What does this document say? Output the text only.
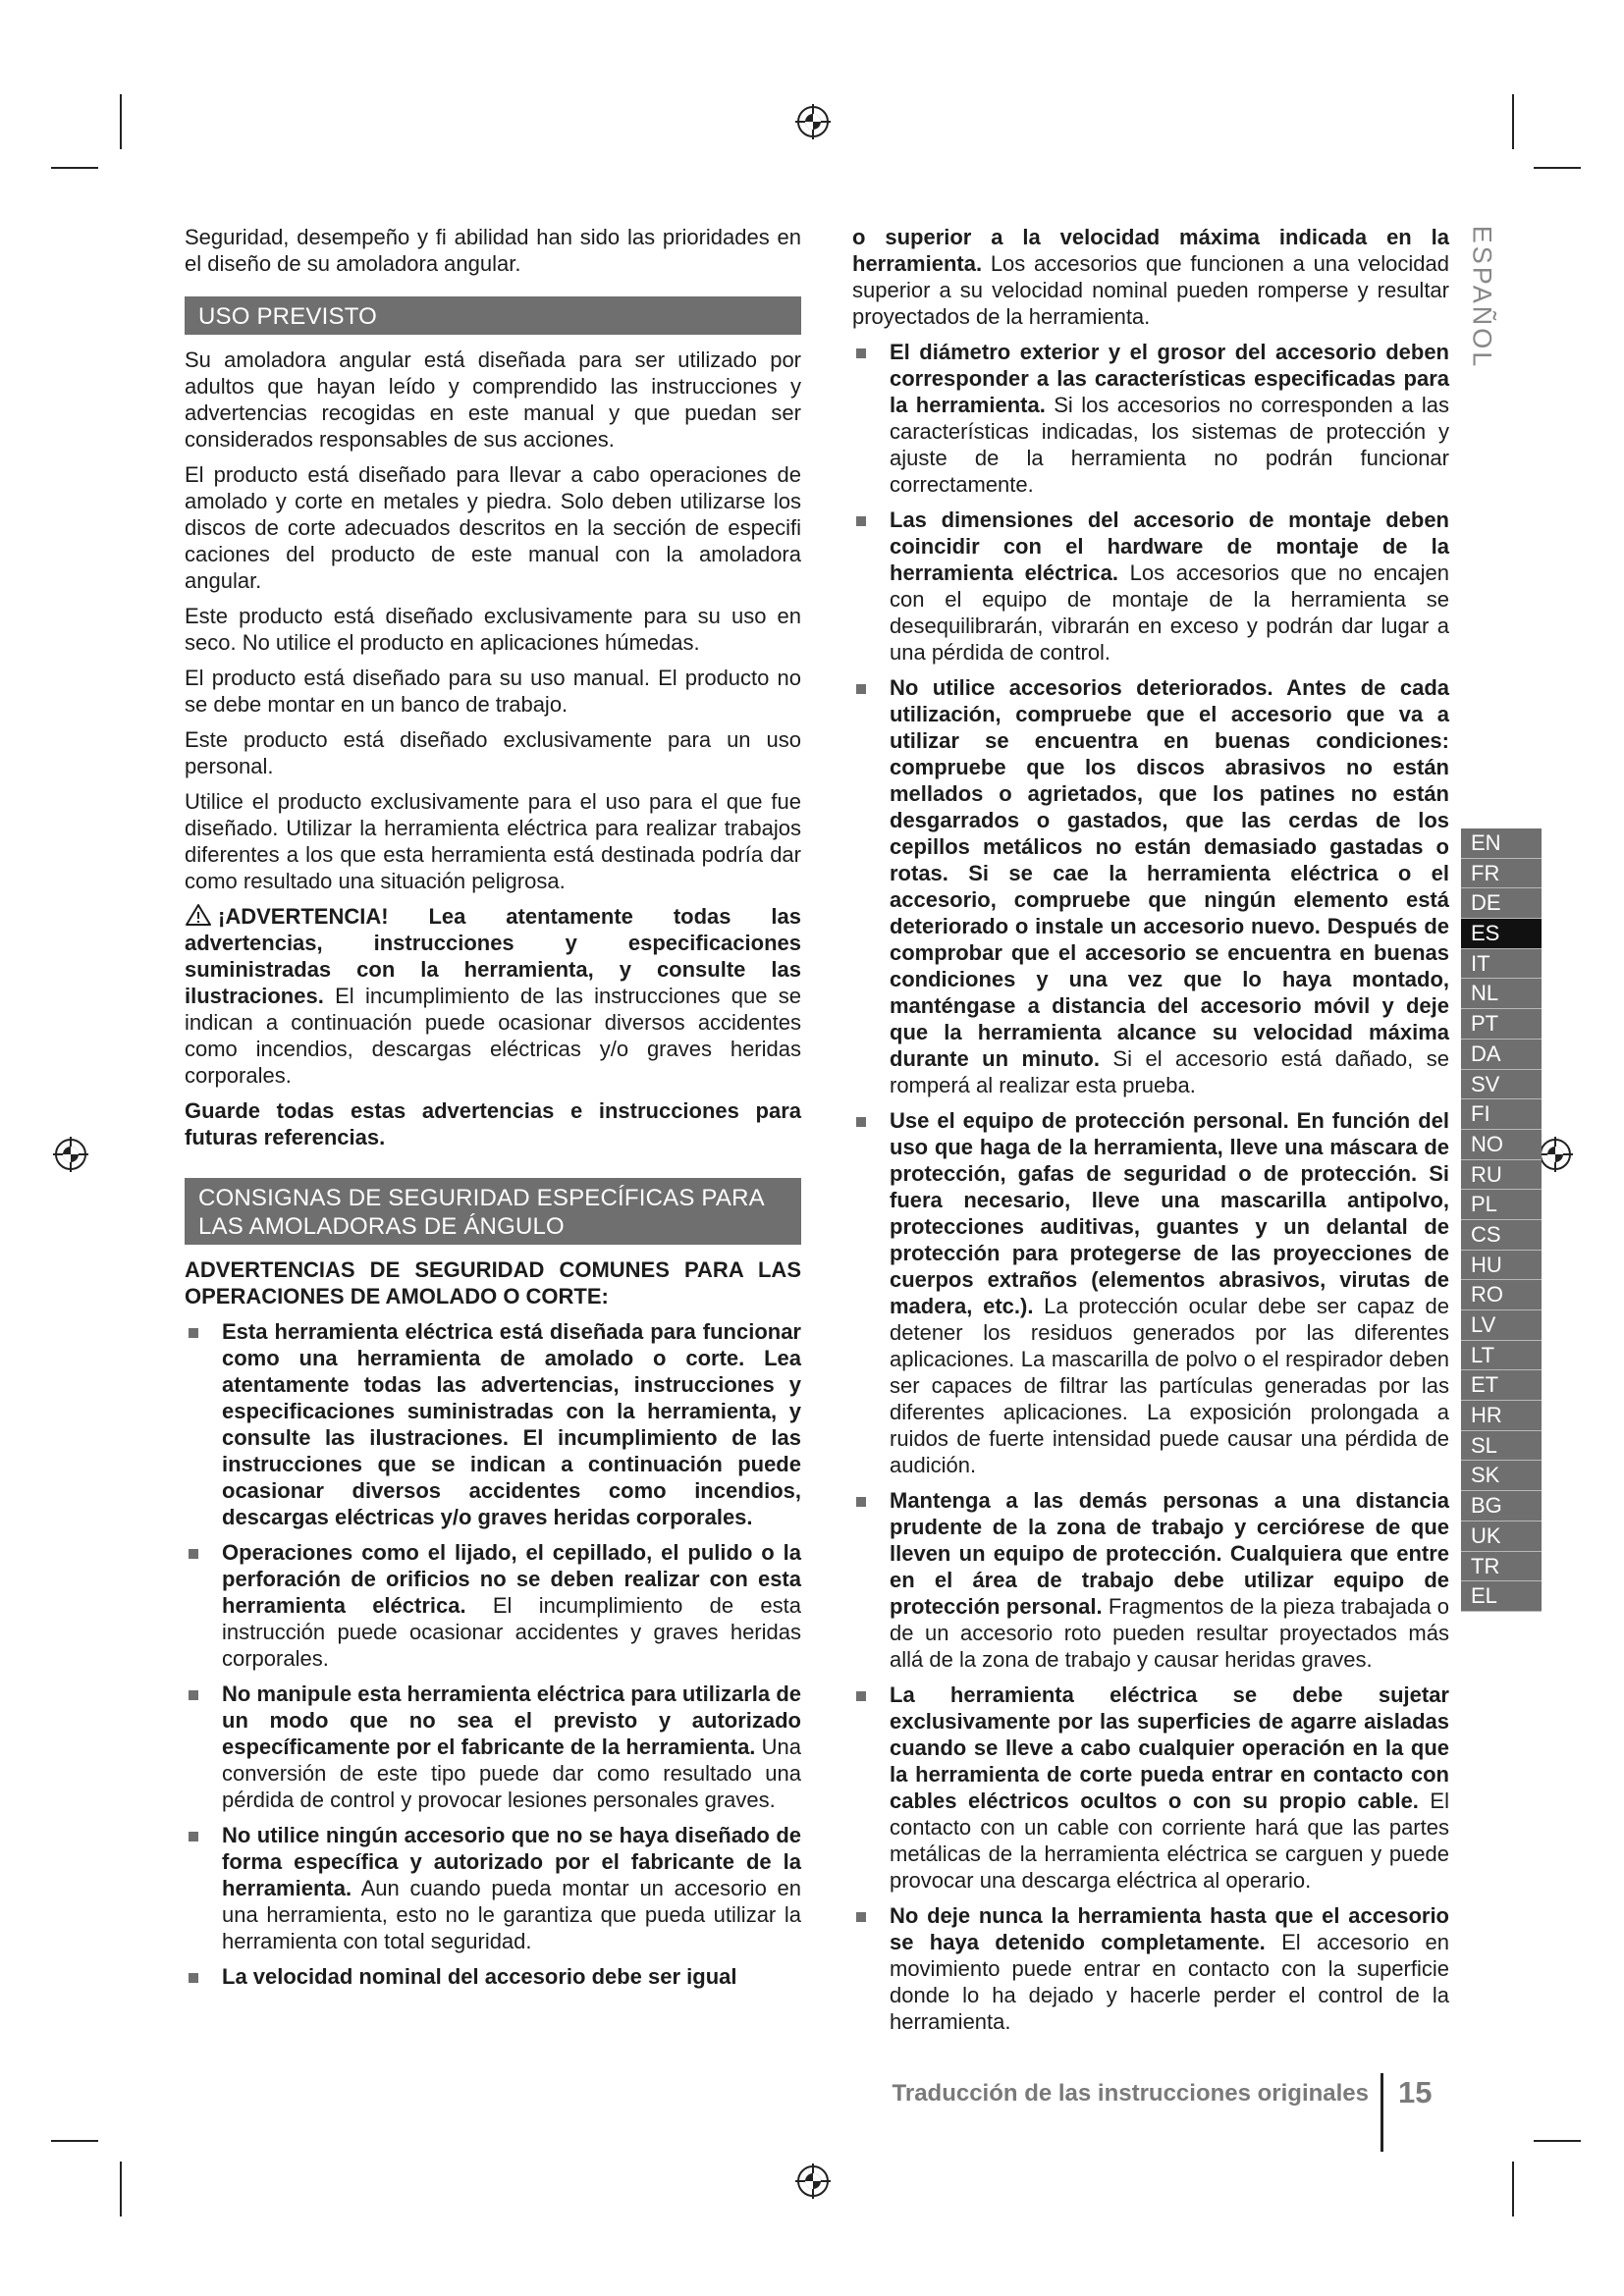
Seguridad, desempeño y fi abilidad han sido las prioridades en el diseño de su amoladora angular.

USO PREVISTO

Su amoladora angular está diseñada para ser utilizado por adultos que hayan leído y comprendido las instrucciones y advertencias recogidas en este manual y que puedan ser considerados responsables de sus acciones.

El producto está diseñado para llevar a cabo operaciones de amolado y corte en metales y piedra. Solo deben utilizarse los discos de corte adecuados descritos en la sección de especifi caciones del producto de este manual con la amoladora angular.

Este producto está diseñado exclusivamente para su uso en seco. No utilice el producto en aplicaciones húmedas.

El producto está diseñado para su uso manual. El producto no se debe montar en un banco de trabajo.

Este producto está diseñado exclusivamente para un uso personal.

Utilice el producto exclusivamente para el uso para el que fue diseñado. Utilizar la herramienta eléctrica para realizar trabajos diferentes a los que esta herramienta está destinada podría dar como resultado una situación peligrosa.

¡ADVERTENCIA! Lea atentamente todas las advertencias, instrucciones y especificaciones suministradas con la herramienta, y consulte las ilustraciones. El incumplimiento de las instrucciones que se indican a continuación puede ocasionar diversos accidentes como incendios, descargas eléctricas y/o graves heridas corporales.

Guarde todas estas advertencias e instrucciones para futuras referencias.

CONSIGNAS DE SEGURIDAD ESPECÍFICAS PARA LAS AMOLADORAS DE ÁNGULO

ADVERTENCIAS DE SEGURIDAD COMUNES PARA LAS OPERACIONES DE AMOLADO O CORTE:

Esta herramienta eléctrica está diseñada para funcionar como una herramienta de amolado o corte. Lea atentamente todas las advertencias, instrucciones y especificaciones suministradas con la herramienta, y consulte las ilustraciones. El incumplimiento de las instrucciones que se indican a continuación puede ocasionar diversos accidentes como incendios, descargas eléctricas y/o graves heridas corporales.
Operaciones como el lijado, el cepillado, el pulido o la perforación de orificios no se deben realizar con esta herramienta eléctrica. El incumplimiento de esta instrucción puede ocasionar accidentes y graves heridas corporales.
No manipule esta herramienta eléctrica para utilizarla de un modo que no sea el previsto y autorizado específicamente por el fabricante de la herramienta. Una conversión de este tipo puede dar como resultado una pérdida de control y provocar lesiones personales graves.
No utilice ningún accesorio que no se haya diseñado de forma específica y autorizado por el fabricante de la herramienta. Aun cuando pueda montar un accesorio en una herramienta, esto no le garantiza que pueda utilizar la herramienta con total seguridad.
La velocidad nominal del accesorio debe ser igual
o superior a la velocidad máxima indicada en la herramienta. Los accesorios que funcionen a una velocidad superior a su velocidad nominal pueden romperse y resultar proyectados de la herramienta.
El diámetro exterior y el grosor del accesorio deben corresponder a las características especificadas para la herramienta. Si los accesorios no corresponden a las características indicadas, los sistemas de protección y ajuste de la herramienta no podrán funcionar correctamente.
Las dimensiones del accesorio de montaje deben coincidir con el hardware de montaje de la herramienta eléctrica. Los accesorios que no encajen con el equipo de montaje de la herramienta se desequilibrarán, vibrarán en exceso y podrán dar lugar a una pérdida de control.
No utilice accesorios deteriorados. Antes de cada utilización, compruebe que el accesorio que va a utilizar se encuentra en buenas condiciones: compruebe que los discos abrasivos no están mellados o agrietados, que los patines no están desgarrados o gastados, que las cerdas de los cepillos metálicos no están demasiado gastadas o rotas. Si se cae la herramienta eléctrica o el accesorio, compruebe que ningún elemento está deteriorado o instale un accesorio nuevo. Después de comprobar que el accesorio se encuentra en buenas condiciones y una vez que lo haya montado, manténgase a distancia del accesorio móvil y deje que la herramienta alcance su velocidad máxima durante un minuto. Si el accesorio está dañado, se romperá al realizar esta prueba.
Use el equipo de protección personal. En función del uso que haga de la herramienta, lleve una máscara de protección, gafas de seguridad o de protección. Si fuera necesario, lleve una mascarilla antipolvo, protecciones auditivas, guantes y un delantal de protección para protegerse de las proyecciones de cuerpos extraños (elementos abrasivos, virutas de madera, etc.). La protección ocular debe ser capaz de detener los residuos generados por las diferentes aplicaciones. La mascarilla de polvo o el respirador deben ser capaces de filtrar las partículas generadas por las diferentes aplicaciones. La exposición prolongada a ruidos de fuerte intensidad puede causar una pérdida de audición.
Mantenga a las demás personas a una distancia prudente de la zona de trabajo y cerciórese de que lleven un equipo de protección. Cualquiera que entre en el área de trabajo debe utilizar equipo de protección personal. Fragmentos de la pieza trabajada o de un accesorio roto pueden resultar proyectados más allá de la zona de trabajo y causar heridas graves.
La herramienta eléctrica se debe sujetar exclusivamente por las superficies de agarre aisladas cuando se lleve a cabo cualquier operación en la que la herramienta de corte pueda entrar en contacto con cables eléctricos ocultos o con su propio cable. El contacto con un cable con corriente hará que las partes metálicas de la herramienta eléctrica se carguen y puede provocar una descarga eléctrica al operario.
No deje nunca la herramienta hasta que el accesorio se haya detenido completamente. El accesorio en movimiento puede entrar en contacto con la superficie donde lo ha dejado y hacerle perder el control de la herramienta.
ESPAÑOL
EN
FR
DE
ES
IT
NL
PT
DA
SV
FI
NO
RU
PL
CS
HU
RO
LV
LT
ET
HR
SL
SK
BG
UK
TR
EL
Traducción de las instrucciones originales 15
